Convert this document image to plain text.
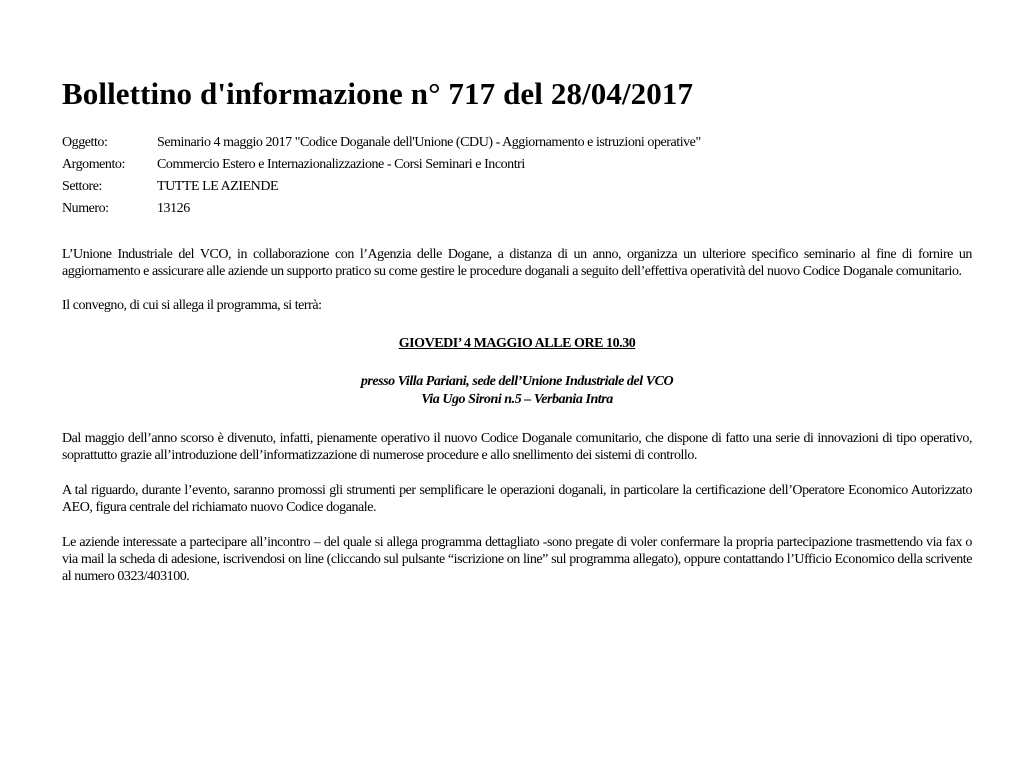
Bollettino d'informazione n° 717 del 28/04/2017
Oggetto:	Seminario 4 maggio 2017 "Codice Doganale dell'Unione (CDU) - Aggiornamento e istruzioni operative"
Argomento:	Commercio Estero e Internazionalizzazione - Corsi Seminari e Incontri
Settore:	TUTTE LE AZIENDE
Numero:	13126

L’Unione Industriale del VCO, in collaborazione con l’Agenzia delle Dogane, a distanza di un anno, organizza un ulteriore specifico seminario al fine di fornire un aggiornamento e assicurare alle aziende un supporto pratico su come gestire le procedure doganali a seguito dell’effettiva operatività del nuovo Codice Doganale comunitario.

Il convegno, di cui si allega il programma, si terrà:

GIOVEDI’ 4 MAGGIO ALLE ORE 10.30
presso Villa Pariani, sede dell’Unione Industriale del VCO
Via Ugo Sironi n.5 – Verbania Intra

Dal maggio dell’anno scorso è divenuto, infatti, pienamente operativo il nuovo Codice Doganale comunitario, che dispone di fatto una serie di innovazioni di tipo operativo, soprattutto grazie all’introduzione dell’informatizzazione di numerose procedure e allo snellimento dei sistemi di controllo.

A tal riguardo, durante l’evento, saranno promossi gli strumenti per semplificare le operazioni doganali, in particolare la certificazione dell’Operatore Economico Autorizzato AEO, figura centrale del richiamato nuovo Codice doganale.

Le aziende interessate a partecipare all’incontro – del quale si allega programma dettagliato -sono pregate di voler confermare la propria partecipazione trasmettendo via fax o via mail la scheda di adesione, iscrivendosi on line (cliccando sul pulsante “iscrizione on line” sul programma allegato), oppure contattando l’Ufficio Economico della scrivente al numero 0323/403100.
